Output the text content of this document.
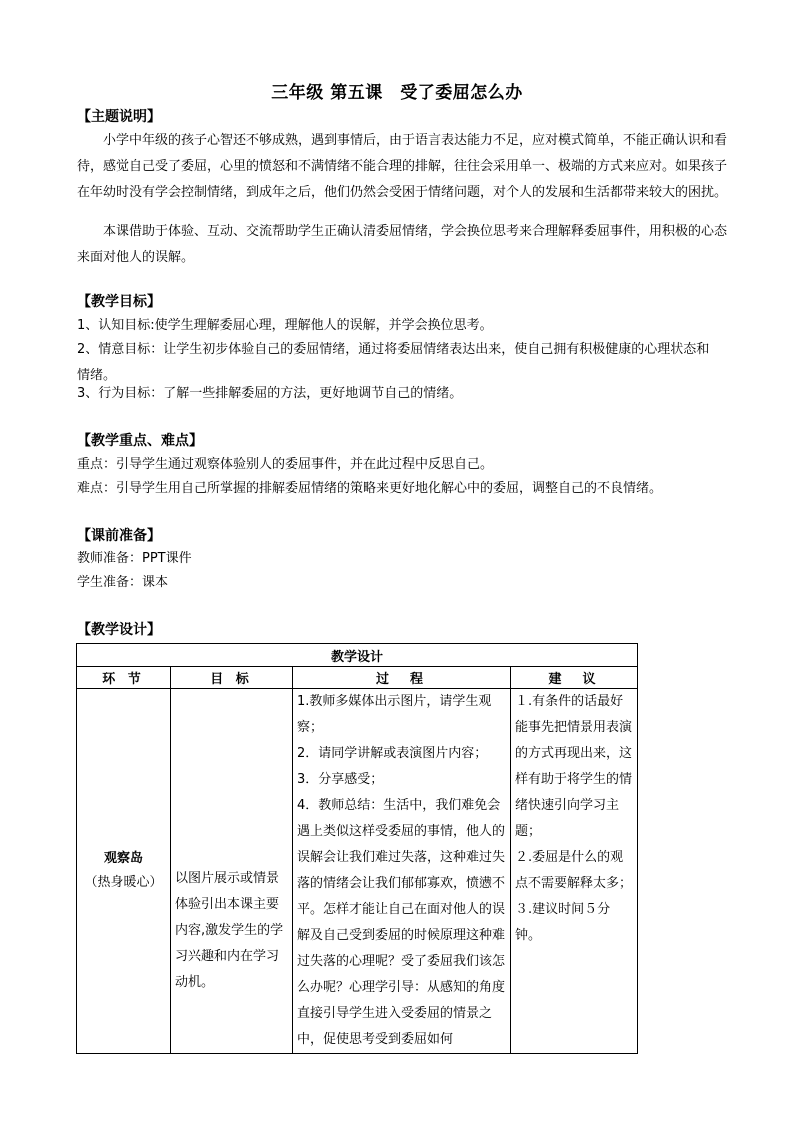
三年级 第五课　受了委屈怎么办
【主题说明】

小学中年级的孩子心智还不够成熟，遇到事情后，由于语言表达能力不足，应对模式简单，不能正确认识和看待，感觉自己受了委屈，心里的愤怒和不满情绪不能合理的排解，往往会采用单一、极端的方式来应对。如果孩子在年幼时没有学会控制情绪，到成年之后，他们仍然会受困于情绪问题，对个人的发展和生活都带来较大的困扰。

本课借助于体验、互动、交流帮助学生正确认清委屈情绪，学会换位思考来合理解释委屈事件，用积极的心态来面对他人的误解。

【教学目标】

1、认知目标:使学生理解委屈心理，理解他人的误解，并学会换位思考。

2、情意目标：让学生初步体验自己的委屈情绪，通过将委屈情绪表达出来，使自己拥有积极健康的心理状态和情绪。

3、行为目标：了解一些排解委屈的方法，更好地调节自己的情绪。

【教学重点、难点】

重点：引导学生通过观察体验别人的委屈事件，并在此过程中反思自己。

难点：引导学生用自己所掌握的排解委屈情绪的策略来更好地化解心中的委屈，调整自己的不良情绪。

【课前准备】

教师准备：PPT课件

学生准备：课本

【教学设计】
教学设计			
环 节	目 标	过　程	建　议

观察岛
（热身暖心）	以图片展示或情景体验引出本课主要内容,激发学生的学习兴趣和内在学习动机。	1.教师多媒体出示图片，请学生观察；
2．请同学讲解或表演图片内容；
3．分享感受；
4．教师总结：生活中，我们难免会遇上类似这样受委屈的事情，他人的误解会让我们难过失落，这种难过失落的情绪会让我们郁郁寡欢，愤懑不平。怎样才能让自己在面对他人的误解及自己受到委屈的时候原理这种难过失落的心理呢？受了委屈我们该怎么办呢？心理学引导：从感知的角度直接引导学生进入受委屈的情景之中，促使思考受到委屈如何	１.有条件的话最好能事先把情景用表演的方式再现出来，这样有助于将学生的情绪快速引向学习主题；
２.委屈是什么的观点不需要解释太多；
３.建议时间５分钟。
